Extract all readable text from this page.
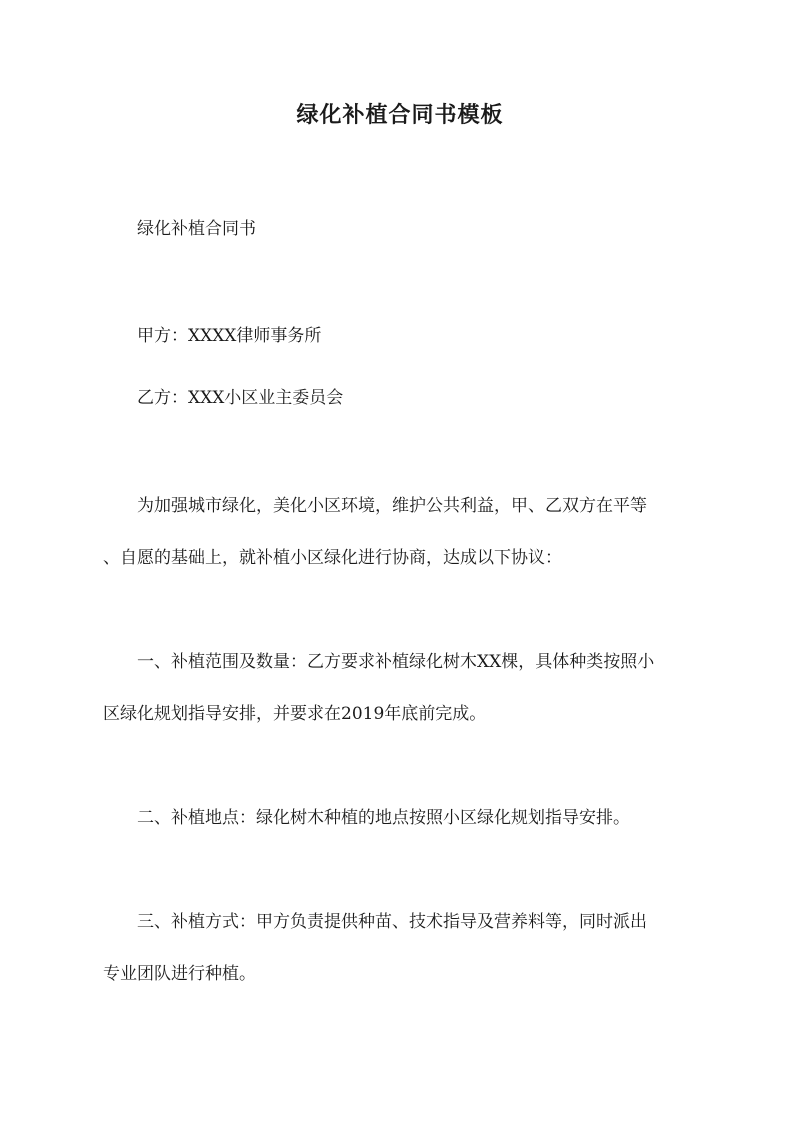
绿化补植合同书模板
绿化补植合同书
甲方：XXXX律师事务所
乙方：XXX小区业主委员会
为加强城市绿化，美化小区环境，维护公共利益，甲、乙双方在平等
、自愿的基础上，就补植小区绿化进行协商，达成以下协议：
一、补植范围及数量：乙方要求补植绿化树木XX棵，具体种类按照小
区绿化规划指导安排，并要求在2019年底前完成。
二、补植地点：绿化树木种植的地点按照小区绿化规划指导安排。
三、补植方式：甲方负责提供种苗、技术指导及营养料等，同时派出
专业团队进行种植。
